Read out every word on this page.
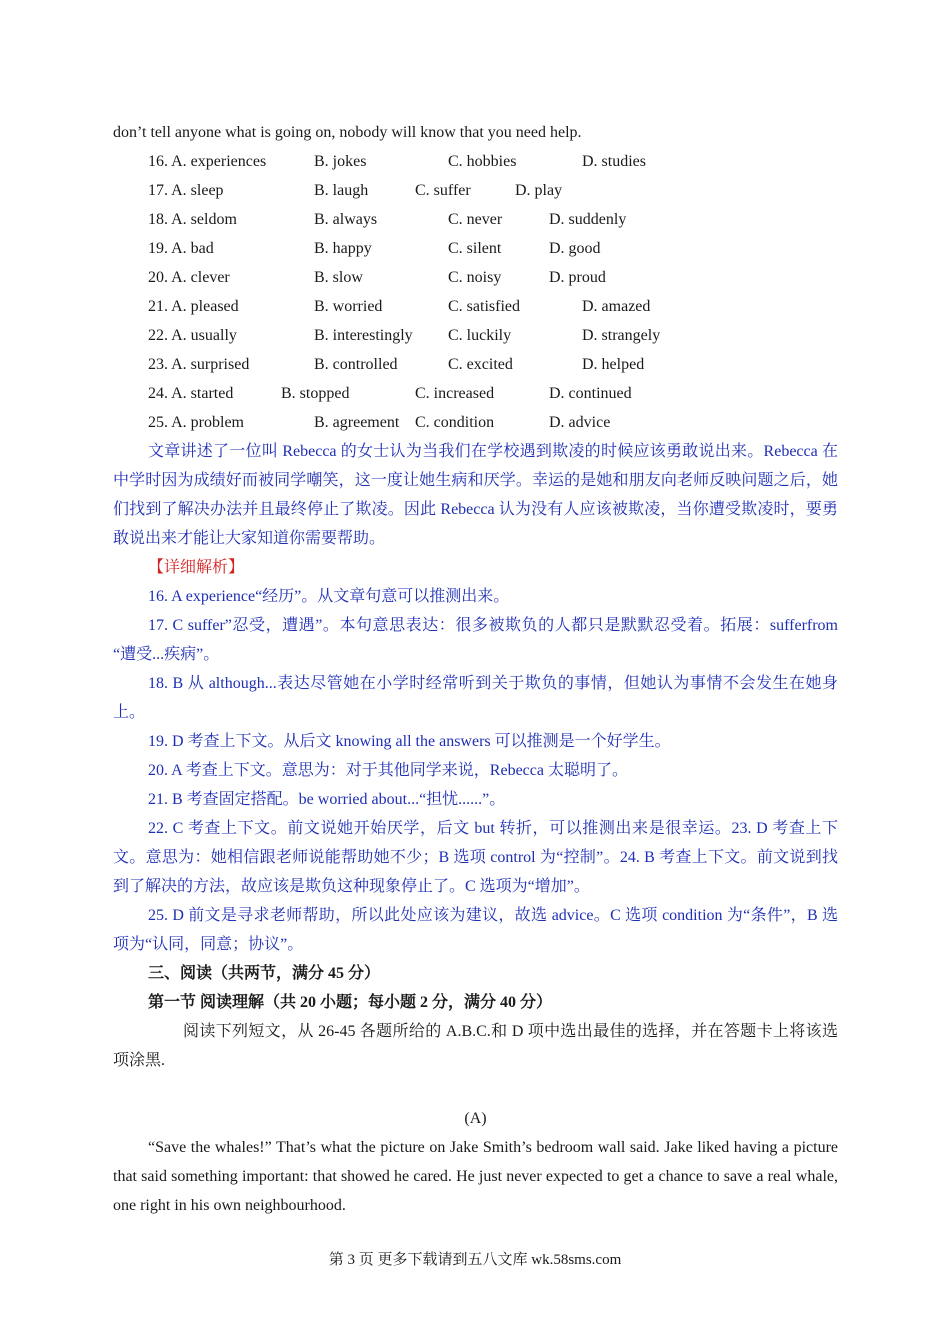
don’t tell anyone what is going on, nobody will know that you need help.
16. A. experiences	B. jokes	C. hobbies	D. studies
17. A. sleep	B. laugh	C. suffer	D. play
18. A. seldom	B. always	C. never	D. suddenly
19. A. bad	B. happy	C. silent	D. good
20. A. clever	B. slow	C. noisy	D. proud
21. A. pleased	B. worried	C. satisfied	D. amazed
22. A. usually	B. interestingly C. luckily	D. strangely
23. A. surprised	B. controlled	C. excited	D. helped
24. A. started	B. stopped	C. increased	D. continued
25. A. problem	B. agreement C. condition	D. advice
文章讲述了一位叫 Rebecca 的女士认为当我们在学校遇到欺凌的时候应该勇敢说出来。Rebecca 在中学时因为成绩好而被同学嘲笑，这一度让她生病和厌学。幸运的是她和朋友向老师反映问题之后，她们找到了解决办法并且最终停止了欺凌。因此 Rebecca 认为没有人应该被欺凌，当你遭受欺凌时，要勇敢说出来才能让大家知道你需要帮助。
【详细解析】
16. A experience“经历”。从文章句意可以推测出来。
17. C suffer”忍受，遭遇”。本句意思表达：很多被欺负的人都只是默默忍受着。拓展：sufferfrom “遭受...疾病”。
18. B 从 although...表达尽管她在小学时经常听到关于欺负的事情，但她认为事情不会发生在她身上。
19. D 考查上下文。从后文 knowing all the answers 可以推测是一个好学生。
20. A 考查上下文。意思为：对于其他同学来说，Rebecca 太聪明了。
21. B 考查固定搭配。be worried about...“担忧......”。
22. C 考查上下文。前文说她开始厌学，后文 but 转折，可以推测出来是很幸运。23. D 考查上下文。意思为：她相信跟老师说能帮助她不少；B 选项 control 为“控制”。24. B 考查上下文。前文说到找到了解决的方法，故应该是欺负这种现象停止了。C 选项为“增加”。
25. D 前文是寻求老师帮助，所以此处应该为建议，故选 advice。C 选项 condition 为“条件”，B 选项为“认同，同意；协议”。
三、阅读（共两节，满分 45 分）
第一节 阅读理解（共 20 小题；每小题 2 分，满分 40 分）
阅读下列短文，从 26-45 各题所给的 A.B.C.和 D 项中选出最佳的选择，并在答题卡上将该选项涂黑.
(A)
“Save the whales!” That’s what the picture on Jake Smith’s bedroom wall said. Jake liked having a picture that said something important: that showed he cared. He just never expected to get a chance to save a real whale, one right in his own neighbourhood.
第 3 页 更多下载请到五八文库 wk.58sms.com
